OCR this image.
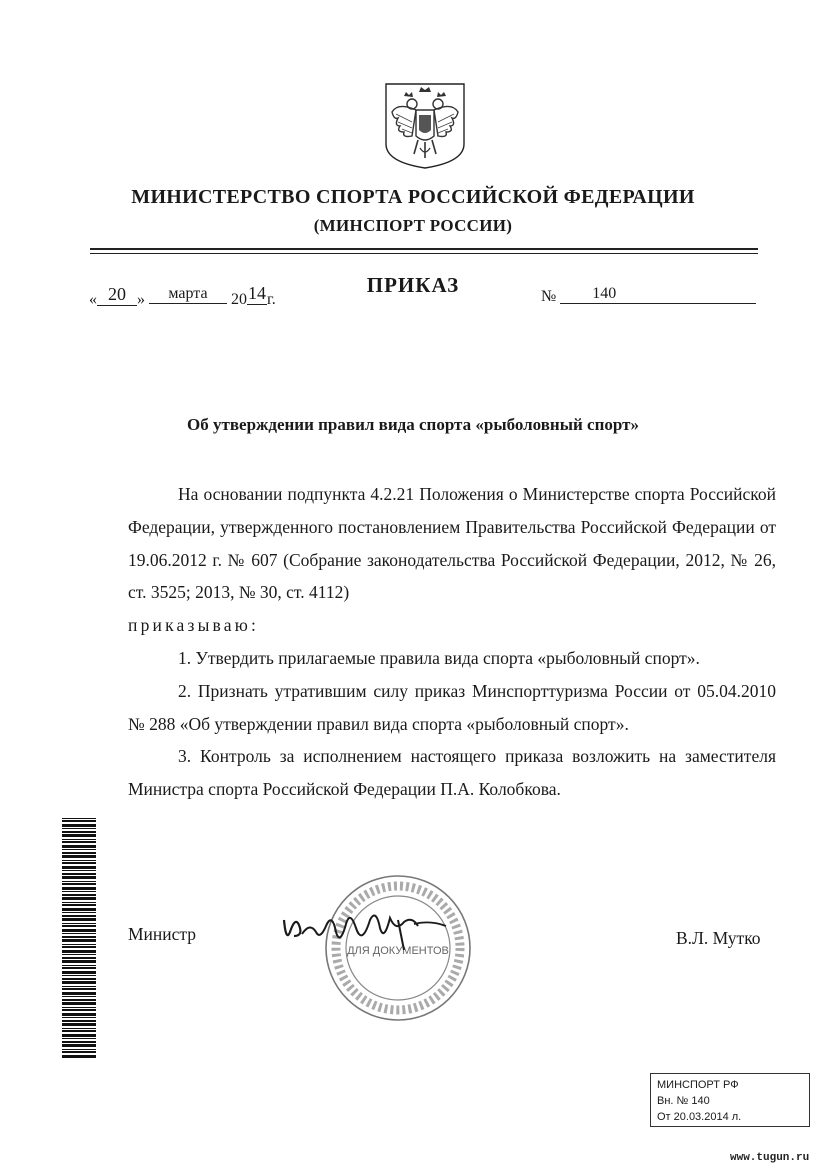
МИНИСТЕРСТВО СПОРТА РОССИЙСКОЙ ФЕДЕРАЦИИ
(МИНСПОРТ РОССИИ)
ПРИКАЗ
« 20 » марта 2014г.	№ 140
Об утверждении правил вида спорта «рыболовный спорт»

На основании подпункта 4.2.21 Положения о Министерстве спорта Российской Федерации, утвержденного постановлением Правительства Российской Федерации от 19.06.2012 г. № 607 (Собрание законодательства Российской Федерации, 2012, № 26, ст. 3525; 2013, № 30, ст. 4112)

приказываю:

1. Утвердить прилагаемые правила вида спорта «рыболовный спорт».

2. Признать утратившим силу приказ Минспорттуризма России от 05.04.2010 № 288 «Об утверждении правил вида спорта «рыболовный спорт».

3. Контроль за исполнением настоящего приказа возложить на заместителя Министра спорта Российской Федерации П.А. Колобкова.

Министр	В.Л. Мутко
ДЛЯ ДОКУМЕНТОВ
МИНСПОРТ РФ
Вн. № 140
От 20.03.2014 л.
www.tugun.ru
